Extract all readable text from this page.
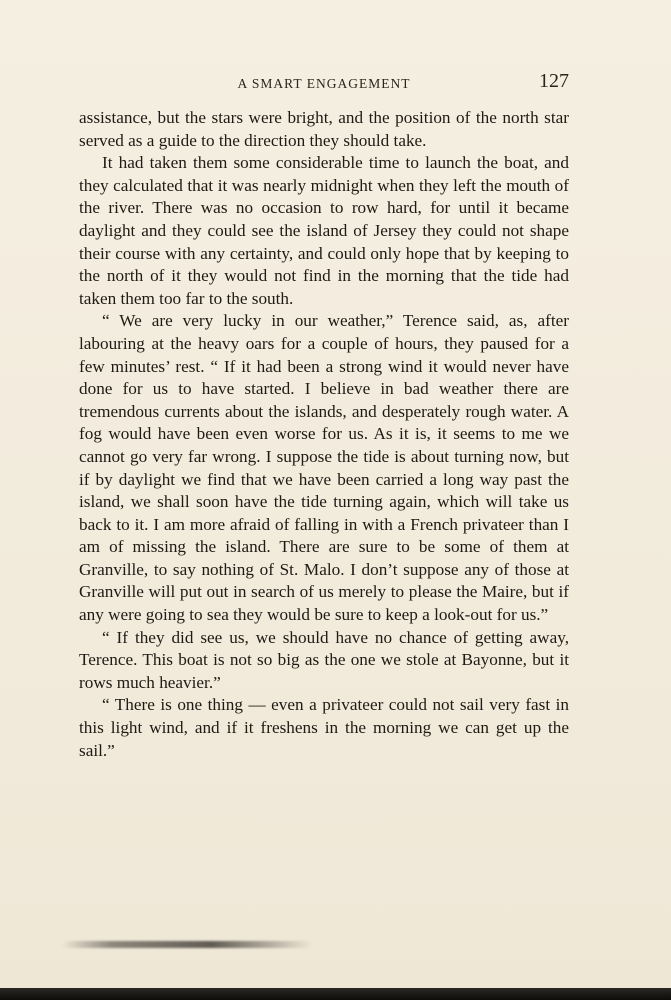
A SMART ENGAGEMENT	127

assistance, but the stars were bright, and the position of the north star served as a guide to the direction they should take.

It had taken them some considerable time to launch the boat, and they calculated that it was nearly midnight when they left the mouth of the river. There was no occasion to row hard, for until it became daylight and they could see the island of Jersey they could not shape their course with any certainty, and could only hope that by keeping to the north of it they would not find in the morning that the tide had taken them too far to the south.

“ We are very lucky in our weather,” Terence said, as, after labouring at the heavy oars for a couple of hours, they paused for a few minutes’ rest. “ If it had been a strong wind it would never have done for us to have started. I believe in bad weather there are tremendous currents about the islands, and desperately rough water. A fog would have been even worse for us. As it is, it seems to me we cannot go very far wrong. I suppose the tide is about turning now, but if by daylight we find that we have been carried a long way past the island, we shall soon have the tide turning again, which will take us back to it. I am more afraid of falling in with a French privateer than I am of missing the island. There are sure to be some of them at Granville, to say nothing of St. Malo. I don’t suppose any of those at Granville will put out in search of us merely to please the Maire, but if any were going to sea they would be sure to keep a look-out for us.”

“ If they did see us, we should have no chance of getting away, Terence. This boat is not so big as the one we stole at Bayonne, but it rows much heavier.”

“ There is one thing — even a privateer could not sail very fast in this light wind, and if it freshens in the morning we can get up the sail.”
